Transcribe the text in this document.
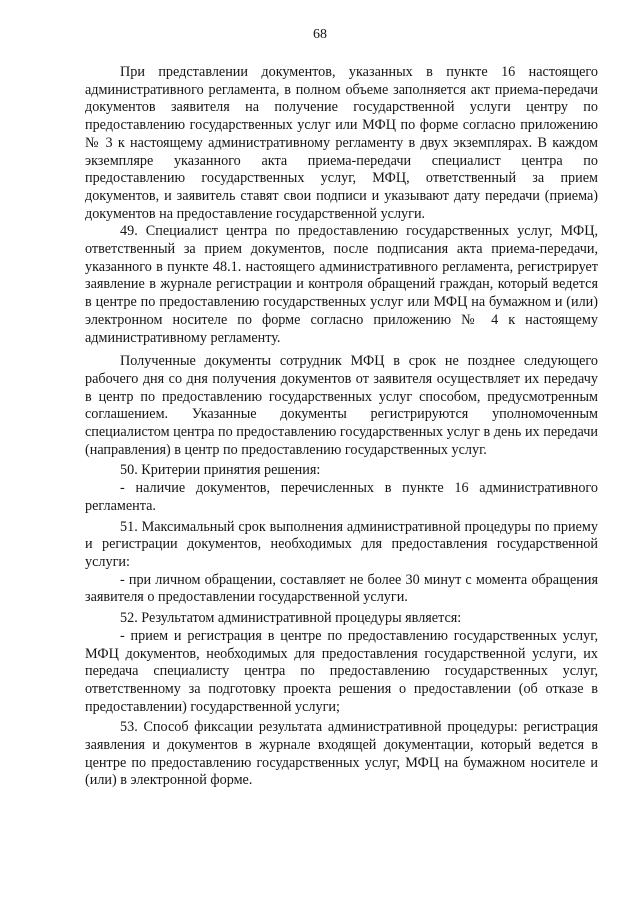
68

При представлении документов, указанных в пункте 16 настоящего административного регламента, в полном объеме заполняется акт приема-передачи документов заявителя на получение государственной услуги центру по предоставлению государственных услуг или МФЦ по форме согласно приложению № 3 к настоящему административному регламенту в двух экземплярах. В каждом экземпляре указанного акта приема-передачи специалист центра по предоставлению государственных услуг, МФЦ, ответственный за прием документов, и заявитель ставят свои подписи и указывают дату передачи (приема) документов на предоставление государственной услуги.

49. Специалист центра по предоставлению государственных услуг, МФЦ, ответственный за прием документов, после подписания акта приема-передачи, указанного в пункте 48.1. настоящего административного регламента, регистрирует заявление в журнале регистрации и контроля обращений граждан, который ведется в центре по предоставлению государственных услуг или МФЦ на бумажном и (или) электронном носителе по форме согласно приложению № 4 к настоящему административному регламенту.

Полученные документы сотрудник МФЦ в срок не позднее следующего рабочего дня со дня получения документов от заявителя осуществляет их передачу в центр по предоставлению государственных услуг способом, предусмотренным соглашением. Указанные документы регистрируются уполномоченным специалистом центра по предоставлению государственных услуг в день их передачи (направления) в центр по предоставлению государственных услуг.

50. Критерии принятия решения:

- наличие документов, перечисленных в пункте 16 административного регламента.

51. Максимальный срок выполнения административной процедуры по приему и регистрации документов, необходимых для предоставления государственной услуги:

- при личном обращении, составляет не более 30 минут с момента обращения заявителя о предоставлении государственной услуги.

52. Результатом административной процедуры является:

- прием и регистрация в центре по предоставлению государственных услуг, МФЦ документов, необходимых для предоставления государственной услуги, их передача специалисту центра по предоставлению государственных услуг, ответственному за подготовку проекта решения о предоставлении (об отказе в предоставлении) государственной услуги;

53. Способ фиксации результата административной процедуры: регистрация заявления и документов в журнале входящей документации, который ведется в центре по предоставлению государственных услуг, МФЦ на бумажном носителе и (или) в электронной форме.
